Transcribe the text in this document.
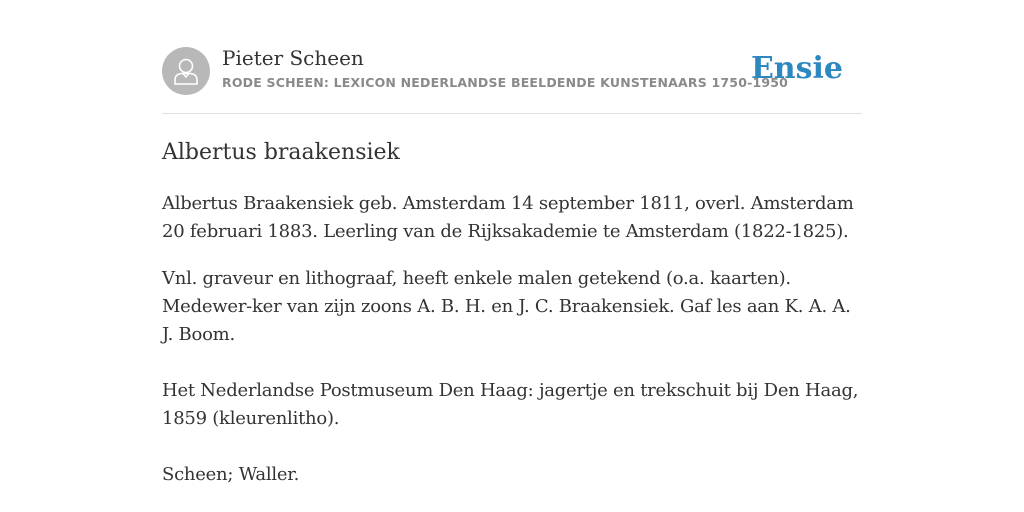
Pieter Scheen
RODE SCHEEN: LEXICON NEDERLANDSE BEELDENDE KUNSTENAARS 1750-1950
Ensie
Albertus braakensiek

Albertus Braakensiek geb. Amsterdam 14 september 1811, overl. Amsterdam 20 februari 1883. Leerling van de Rijksakademie te Amsterdam (1822-1825).

Vnl. graveur en lithograaf, heeft enkele malen getekend (o.a. kaarten). Medewer-ker van zijn zoons A. B. H. en J. C. Braakensiek. Gaf les aan K. A. A. J. Boom.

Het Nederlandse Postmuseum Den Haag: jagertje en trekschuit bij Den Haag, 1859 (kleurenlitho).

Scheen; Waller.
